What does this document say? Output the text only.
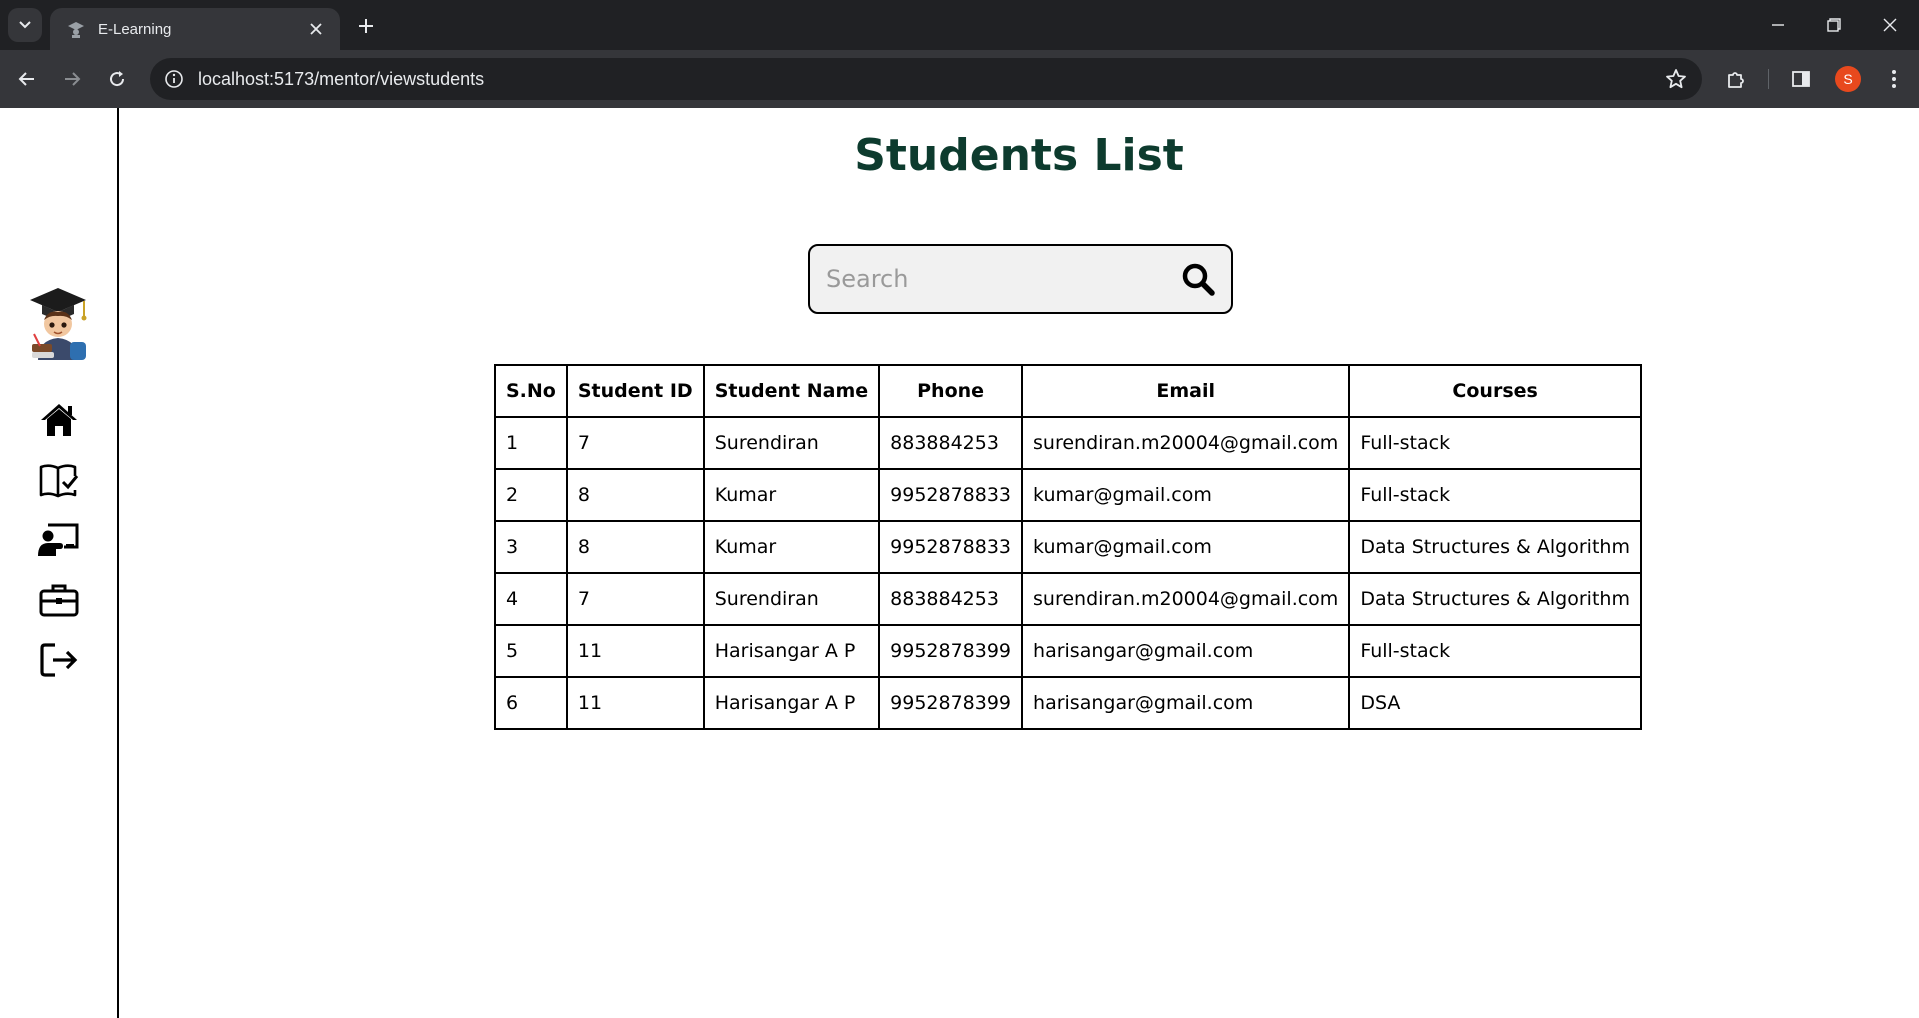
E-Learning
localhost:5173/mentor/viewstudents	S
Students List
Search
S.No	Student ID	Student Name	Phone	Email	Courses
1	7	Surendiran	883884253	surendiran.m20004@gmail.com	Full-stack
2	8	Kumar	9952878833	kumar@gmail.com	Full-stack
3	8	Kumar	9952878833	kumar@gmail.com	Data Structures & Algorithm
4	7	Surendiran	883884253	surendiran.m20004@gmail.com	Data Structures & Algorithm
5	11	Harisangar A P	9952878399	harisangar@gmail.com	Full-stack
6	11	Harisangar A P	9952878399	harisangar@gmail.com	DSA
